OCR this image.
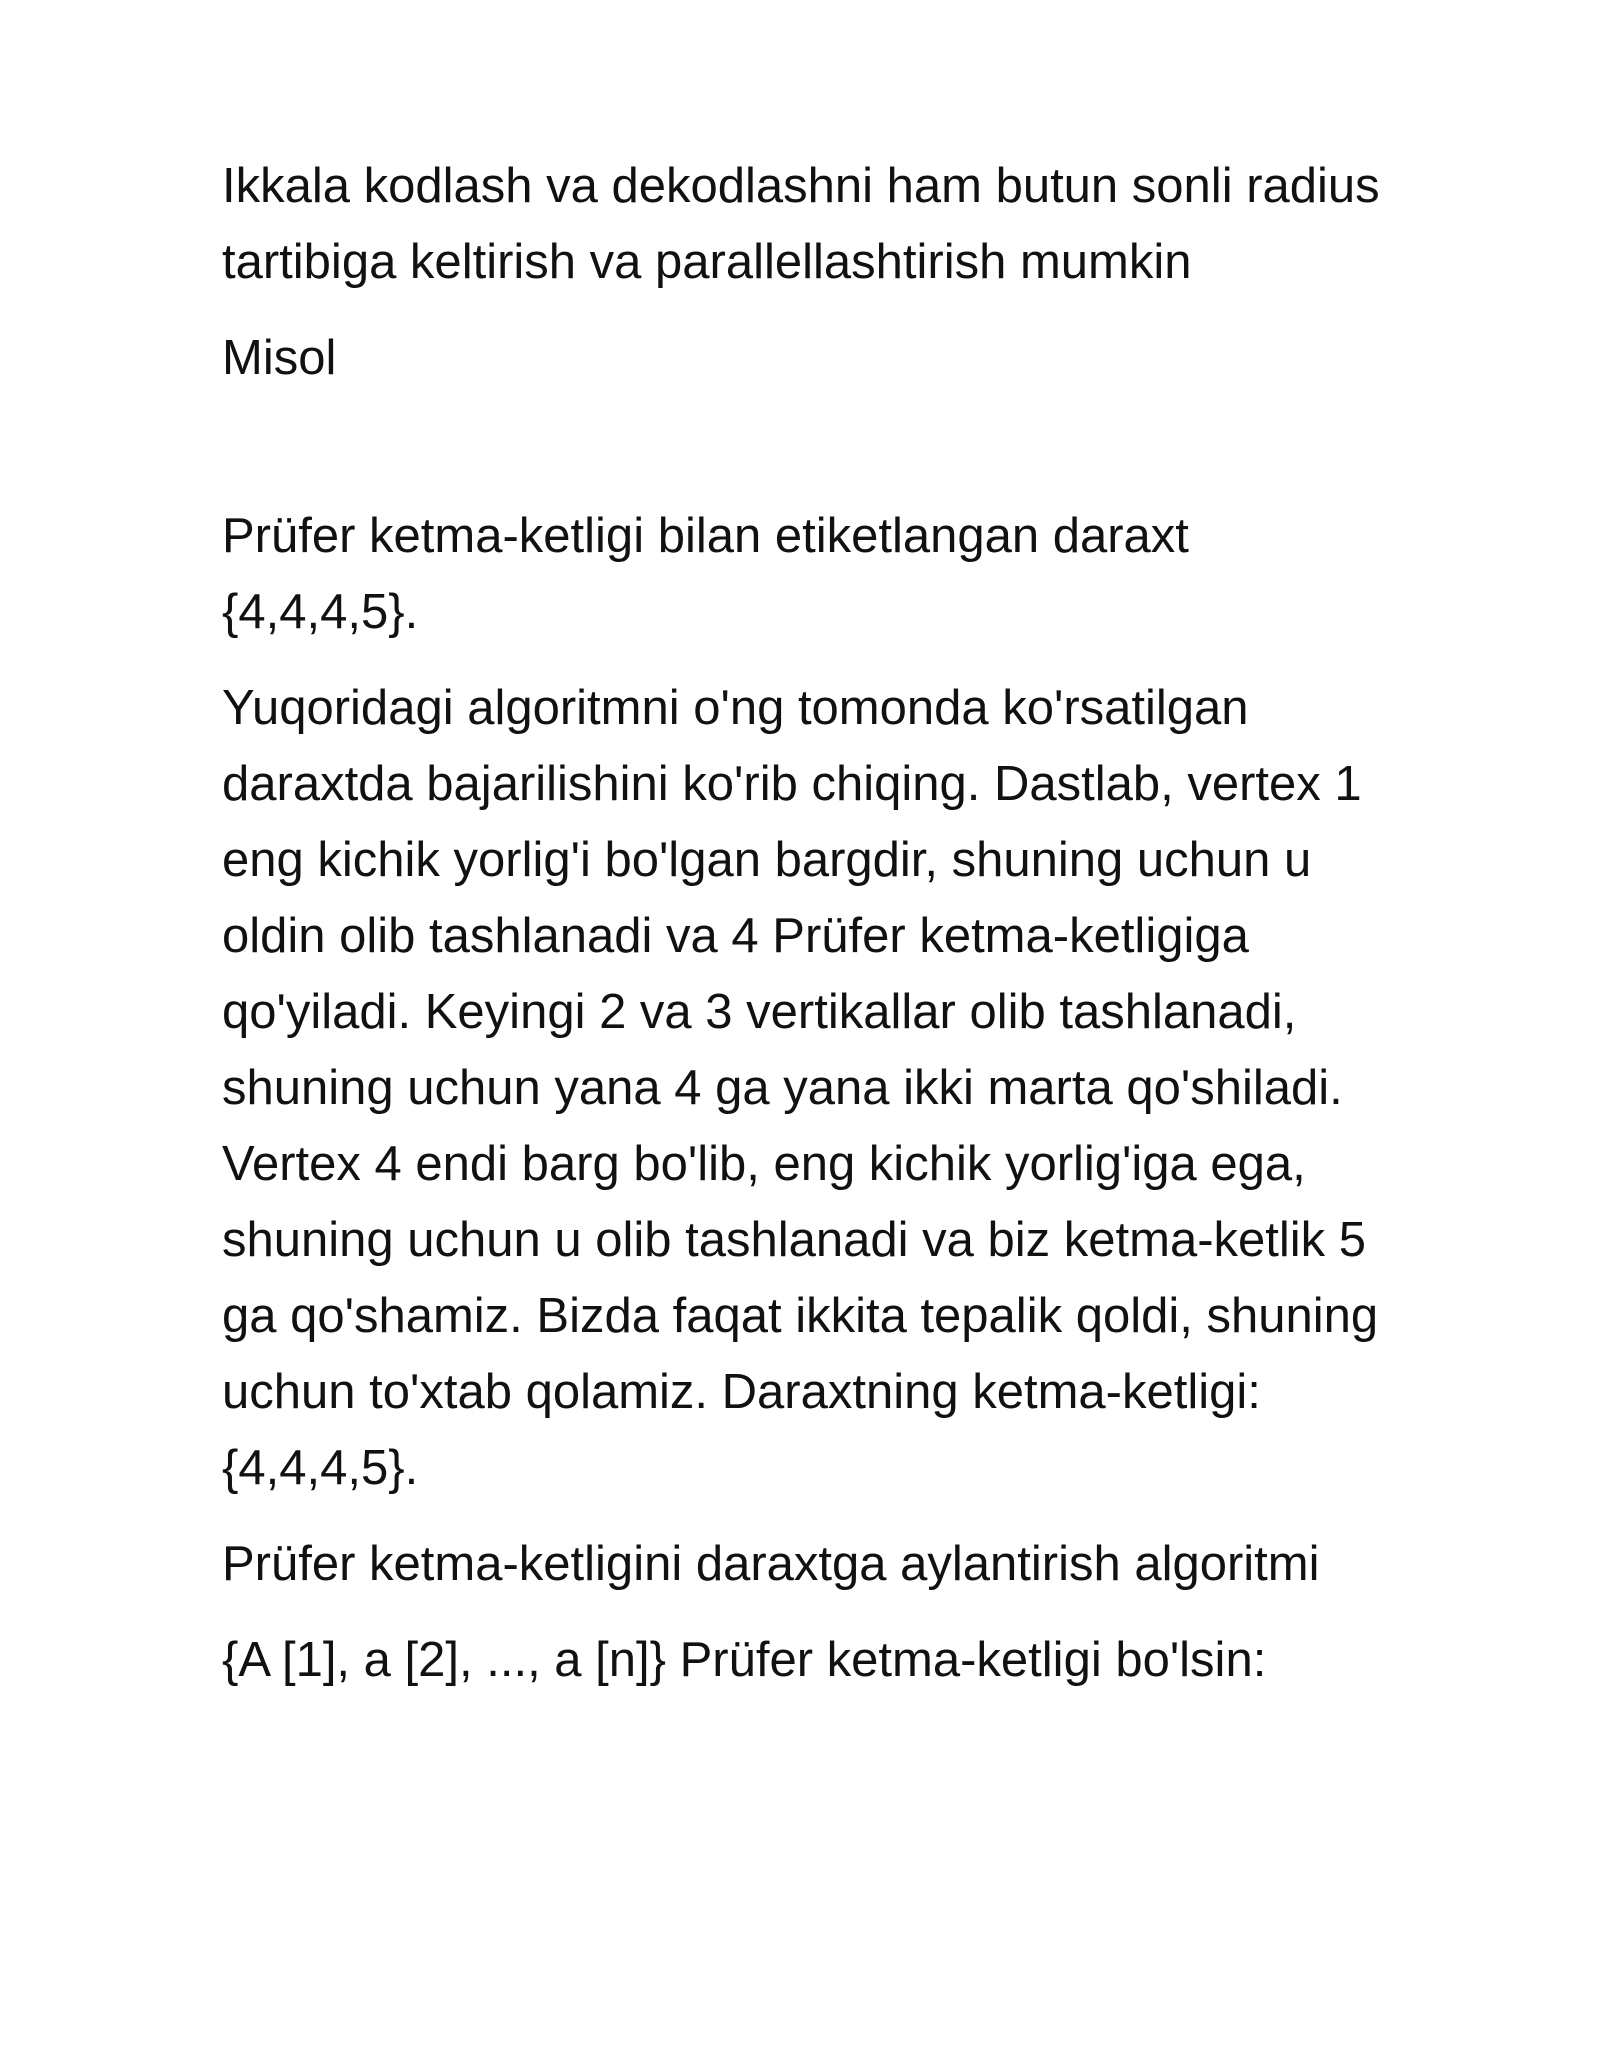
Ikkala kodlash va dekodlashni ham butun sonli radius
tartibiga keltirish va parallellashtirish mumkin

Misol

Prüfer ketma-ketligi bilan etiketlangan daraxt
{4,4,4,5}.

Yuqoridagi algoritmni o'ng tomonda ko'rsatilgan
daraxtda bajarilishini ko'rib chiqing. Dastlab, vertex 1
eng kichik yorlig'i bo'lgan bargdir, shuning uchun u
oldin olib tashlanadi va 4 Prüfer ketma-ketligiga
qo'yiladi. Keyingi 2 va 3 vertikallar olib tashlanadi,
shuning uchun yana 4 ga yana ikki marta qo'shiladi.
Vertex 4 endi barg bo'lib, eng kichik yorlig'iga ega,
shuning uchun u olib tashlanadi va biz ketma-ketlik 5
ga qo'shamiz. Bizda faqat ikkita tepalik qoldi, shuning
uchun to'xtab qolamiz. Daraxtning ketma-ketligi:
{4,4,4,5}.

Prüfer ketma-ketligini daraxtga aylantirish algoritmi

{A [1], a [2], ..., a [n]} Prüfer ketma-ketligi bo'lsin:
